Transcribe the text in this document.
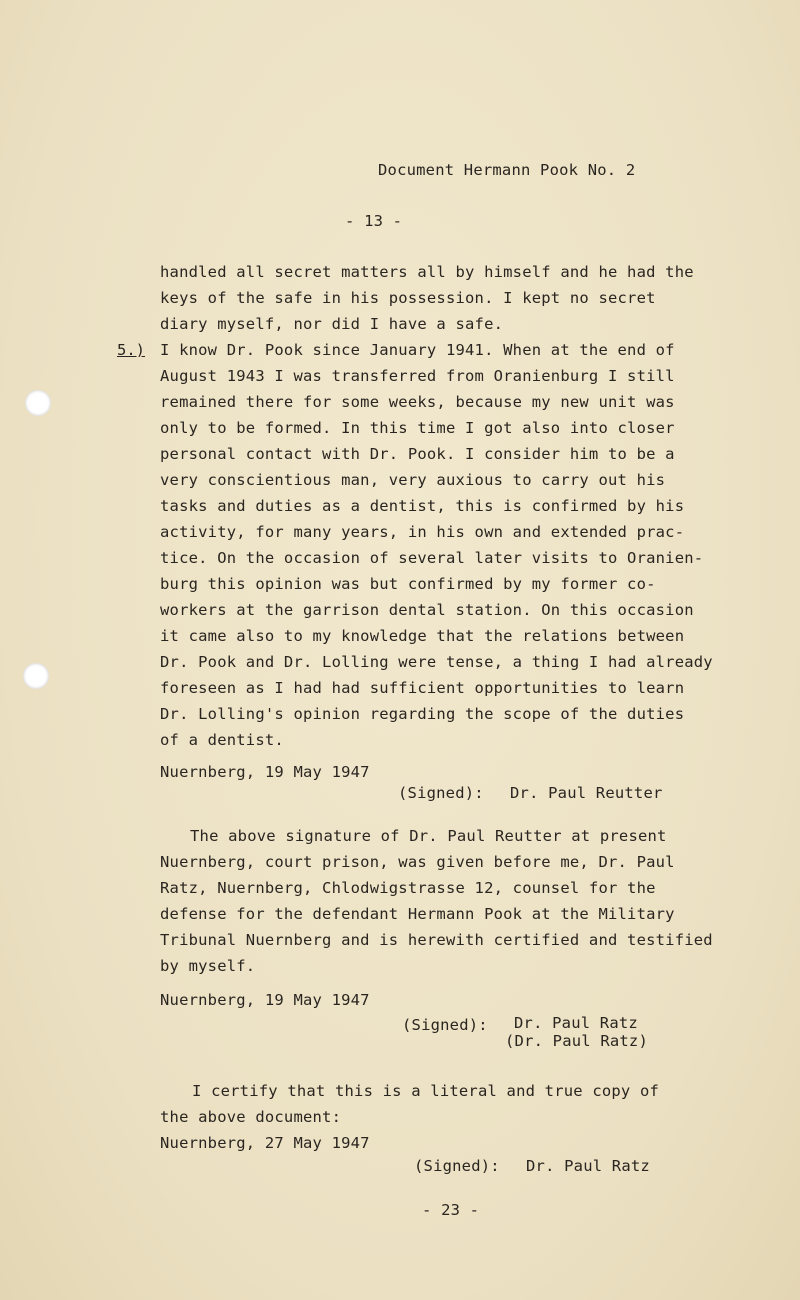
Document Hermann Pook No. 2
- 13 -
handled all secret matters all by himself and he had the
keys of the safe in his possession. I kept no secret
diary myself, nor did I have a safe.
5.) I know Dr. Pook since January 1941. When at the end of
August 1943 I was transferred from Oranienburg I still
remained there for some weeks, because my new unit was
only to be formed. In this time I got also into closer
personal contact with Dr. Pook. I consider him to be a
very conscientious man, very auxious to carry out his
tasks and duties as a dentist, this is confirmed by his
activity, for many years, in his own and extended prac-
tice. On the occasion of several later visits to Oranien-
burg this opinion was but confirmed by my former co-
workers at the garrison dental station. On this occasion
it came also to my knowledge that the relations between
Dr. Pook and Dr. Lolling were tense, a thing I had already
foreseen as I had had sufficient opportunities to learn
Dr. Lolling's opinion regarding the scope of the duties
of a dentist.
Nuernberg, 19 May 1947
(Signed): Dr. Paul Reutter
The above signature of Dr. Paul Reutter at present
Nuernberg, court prison, was given before me, Dr. Paul
Ratz, Nuernberg, Chlodwigstrasse 12, counsel for the
defense for the defendant Hermann Pook at the Military
Tribunal Nuernberg and is herewith certified and testified
by myself.
Nuernberg, 19 May 1947
(Signed): Dr. Paul Ratz
(Dr. Paul Ratz)
I certify that this is a literal and true copy of
the above document:
Nuernberg, 27 May 1947
(Signed): Dr. Paul Ratz
- 23 -
